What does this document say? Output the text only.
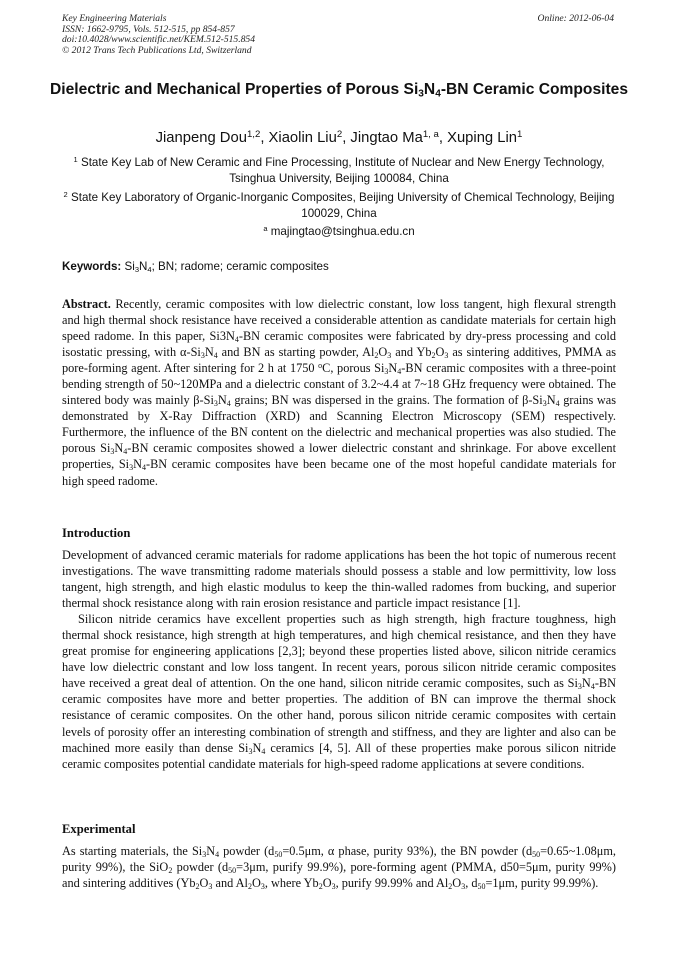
Key Engineering Materials
ISSN: 1662-9795, Vols. 512-515, pp 854-857
doi:10.4028/www.scientific.net/KEM.512-515.854
© 2012 Trans Tech Publications Ltd, Switzerland
Online: 2012-06-04
Dielectric and Mechanical Properties of Porous $Si_3N_4-BN$ Ceramic Composites
Jianpeng Dou$^{1,2}$, Xiaolin Liu$^2$, Jingtao Ma$^{1, a}$, Xuping Lin$^1$
$^1$ State Key Lab of New Ceramic and Fine Processing, Institute of Nuclear and New Energy Technology, Tsinghua University, Beijing 100084, China
$^2$ State Key Laboratory of Organic-Inorganic Composites, Beijing University of Chemical Technology, Beijing 100029, China
$^a$ majingtao@tsinghua.edu.cn
Keywords: $Si_3N_4$; BN; radome; ceramic composites
Abstract. Recently, ceramic composites with low dielectric constant, low loss tangent, high flexural strength and high thermal shock resistance have received a considerable attention as candidate materials for certain high speed radome. In this paper, $Si3N_4-BN$ ceramic composites were fabricated by dry-press processing and cold isostatic pressing, with $\alpha-Si_3N_4$ and BN as starting powder, $Al_2O_3$ and $Yb_2O_3$ as sintering additives, PMMA as pore-forming agent. After sintering for 2 h at 1750 $^o$C, porous $Si_3N_4-BN$ ceramic composites with a three-point bending strength of 50~120MPa and a dielectric constant of 3.2~4.4 at 7~18 GHz frequency were obtained. The sintered body was mainly $\beta-Si_3N_4$ grains; BN was dispersed in the grains. The formation of $\beta-Si_3N_4$ grains was demonstrated by X-Ray Diffraction (XRD) and Scanning Electron Microscopy (SEM) respectively. Furthermore, the influence of the BN content on the dielectric and mechanical properties was also studied. The porous $Si_3N_4-BN$ ceramic composites showed a lower dielectric constant and shrinkage. For above excellent properties, $Si_3N_4-BN$ ceramic composites have been became one of the most hopeful candidate materials for high speed radome.
Introduction

Development of advanced ceramic materials for radome applications has been the hot topic of numerous recent investigations. The wave transmitting radome materials should possess a stable and low permittivity, low loss tangent, high strength, and high elastic modulus to keep the thin-walled radomes from bucking, and superior thermal shock resistance along with rain erosion resistance and particle impact resistance [1].

Silicon nitride ceramics have excellent properties such as high strength, high fracture toughness, high thermal shock resistance, high strength at high temperatures, and high chemical resistance, and then they have great promise for engineering applications [2,3]; beyond these properties listed above, silicon nitride ceramics have low dielectric constant and low loss tangent. In recent years, porous silicon nitride ceramic composites have received a great deal of attention. On the one hand, silicon nitride ceramic composites, such as $Si_3N_4-BN$ ceramic composites have more and better properties. The addition of BN can improve the thermal shock resistance of ceramic composites. On the other hand, porous silicon nitride ceramic composites with certain levels of porosity offer an interesting combination of strength and stiffness, and they are lighter and also can be machined more easily than dense $Si_3N_4$ ceramics [4, 5]. All of these properties make porous silicon nitride ceramic composites potential candidate materials for high-speed radome applications at severe conditions.

Experimental
As starting materials, the $Si_3N_4$ powder ($d_{50}=0.5\mu m$, α phase, purity 93%), the BN powder ($d_{50}=0.65\sim 1.08\mu m$, purity 99%), the SiO$_2$ powder ($d_{50}=3\mu m$, purify 99.9%), pore-forming agent (PMMA, d50=5μm, purity 99%) and sintering additives ($Yb_2O_3$ and $Al_2O_3$, where $Yb_2O_3$, purify 99.99% and $Al_2O_3$, $d_{50}=1\mu m$, purity 99.99%).
